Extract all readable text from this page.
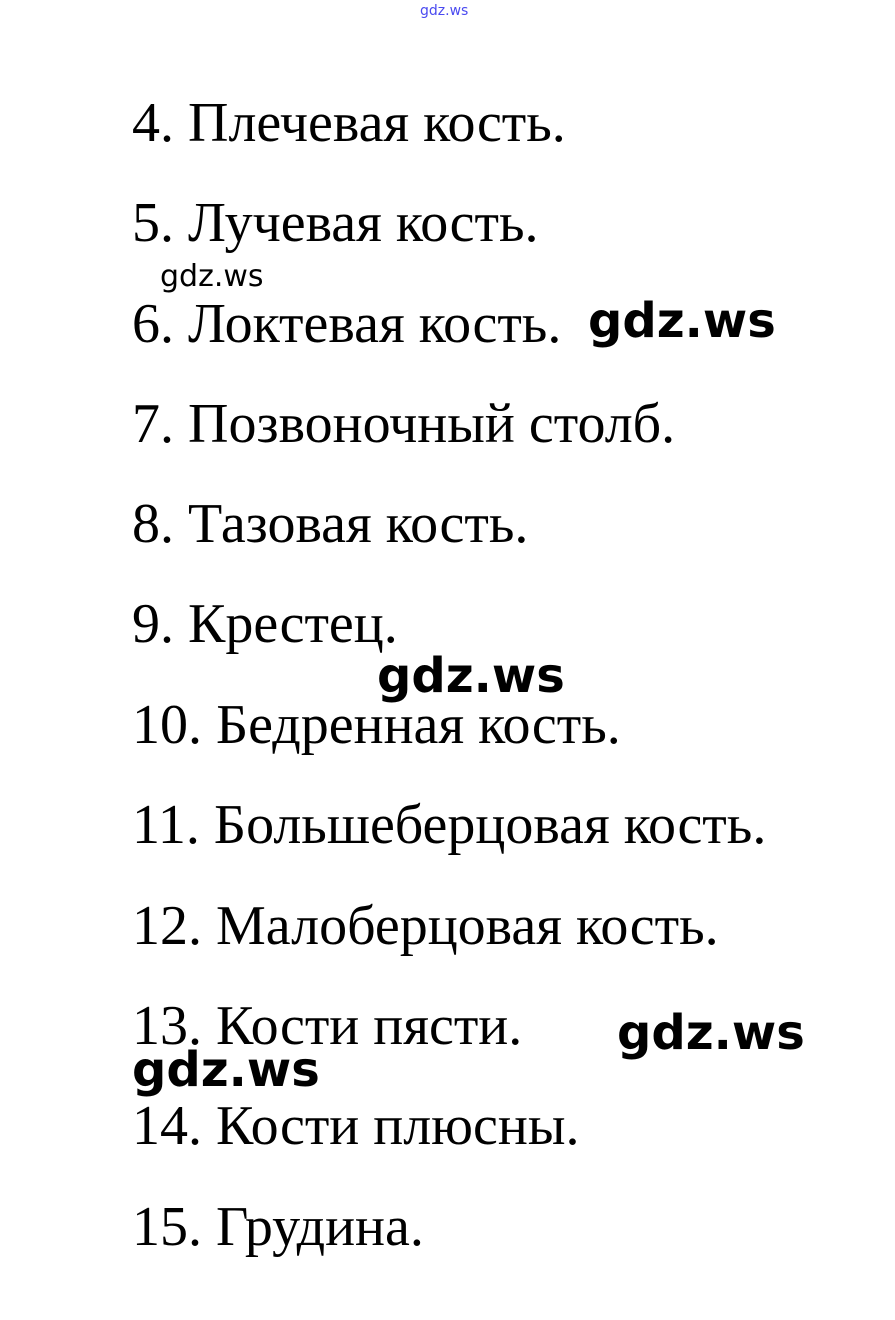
gdz.ws

4. Плечевая кость.

5. Лучевая кость.

6. Локтевая кость.

7. Позвоночный столб.

8. Тазовая кость.

9. Крестец.

10. Бедренная кость.

11. Большеберцовая кость.

12. Малоберцовая кость.

13. Кости пясти.

14. Кости плюсны.

15. Грудина.

gdz.ws
gdz.ws
gdz.ws
gdz.ws
gdz.ws
